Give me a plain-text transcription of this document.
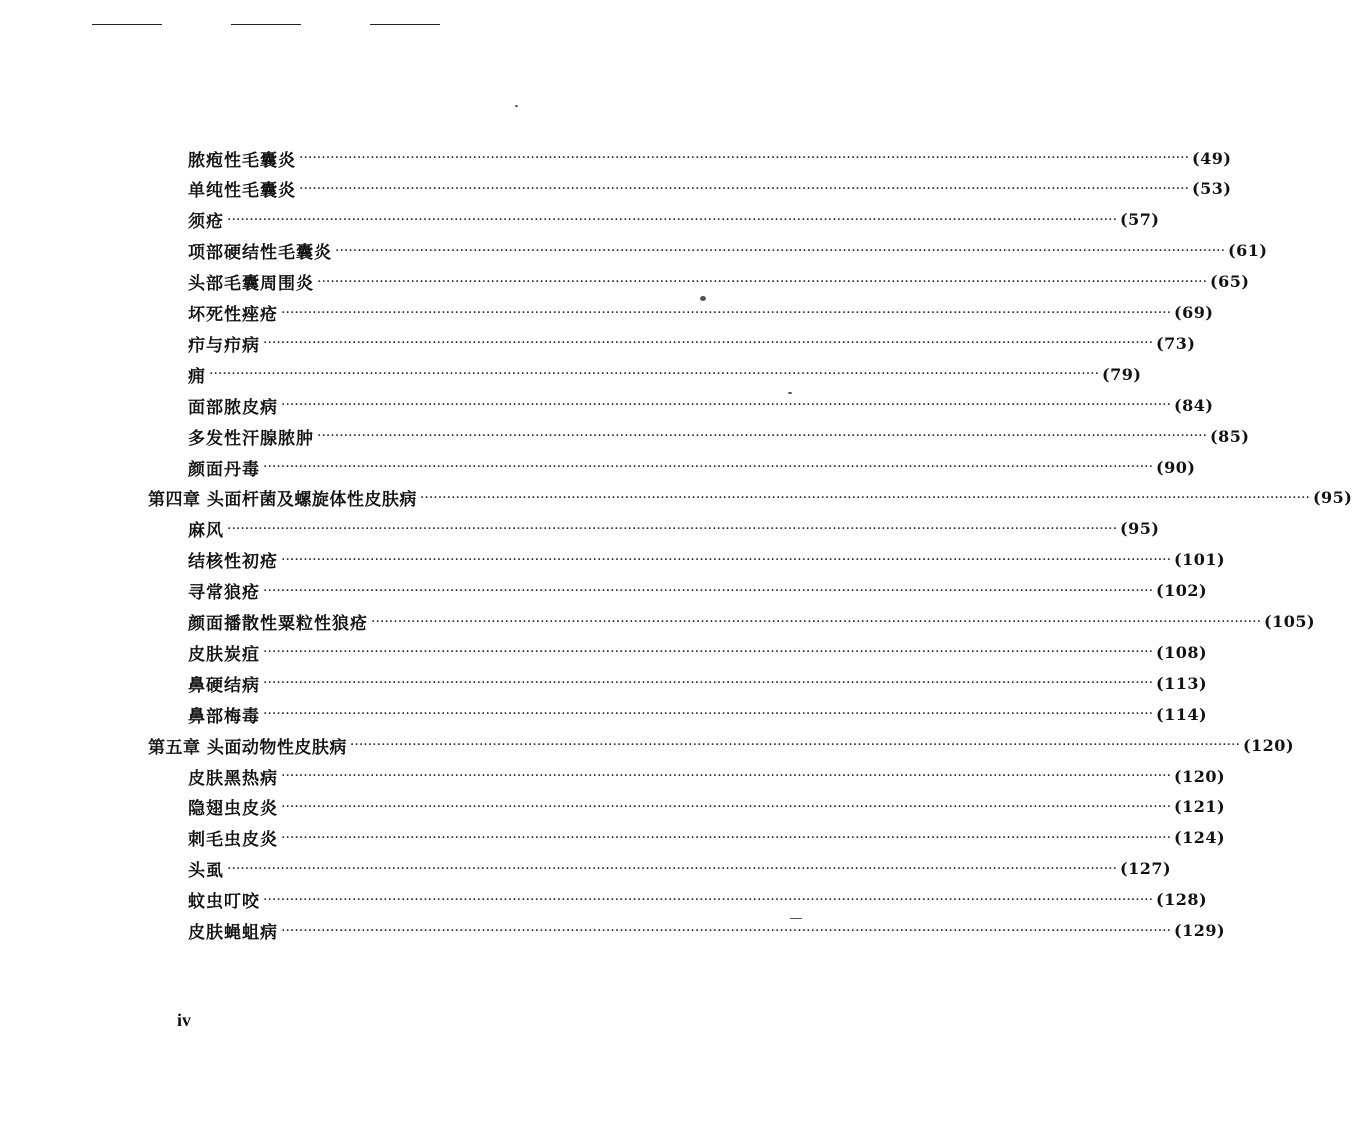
脓疱性毛囊炎 ········································································································································································································ (49)
单纯性毛囊炎 ········································································································································································································ (53)
须疮 ········································································································································································································ (57)
项部硬结性毛囊炎 ········································································································································································································ (61)
头部毛囊周围炎 ········································································································································································································ (65)
坏死性痤疮 ········································································································································································································ (69)
疖与疖病 ········································································································································································································ (73)
痈 ········································································································································································································ (79)
面部脓皮病 ········································································································································································································ (84)
多发性汗腺脓肿 ········································································································································································································ (85)
颜面丹毒 ········································································································································································································ (90)
第四章 头面杆菌及螺旋体性皮肤病 ········································································································································································································ (95)
麻风 ········································································································································································································ (95)
结核性初疮 ········································································································································································································ (101)
寻常狼疮 ········································································································································································································ (102)
颜面播散性粟粒性狼疮 ········································································································································································································ (105)
皮肤炭疽 ········································································································································································································ (108)
鼻硬结病 ········································································································································································································ (113)
鼻部梅毒 ········································································································································································································ (114)
第五章 头面动物性皮肤病 ········································································································································································································ (120)
皮肤黑热病 ········································································································································································································ (120)
隐翅虫皮炎 ········································································································································································································ (121)
刺毛虫皮炎 ········································································································································································································ (124)
头虱 ········································································································································································································ (127)
蚊虫叮咬 ········································································································································································································ (128)
皮肤蝇蛆病 ········································································································································································································ (129)
iv
